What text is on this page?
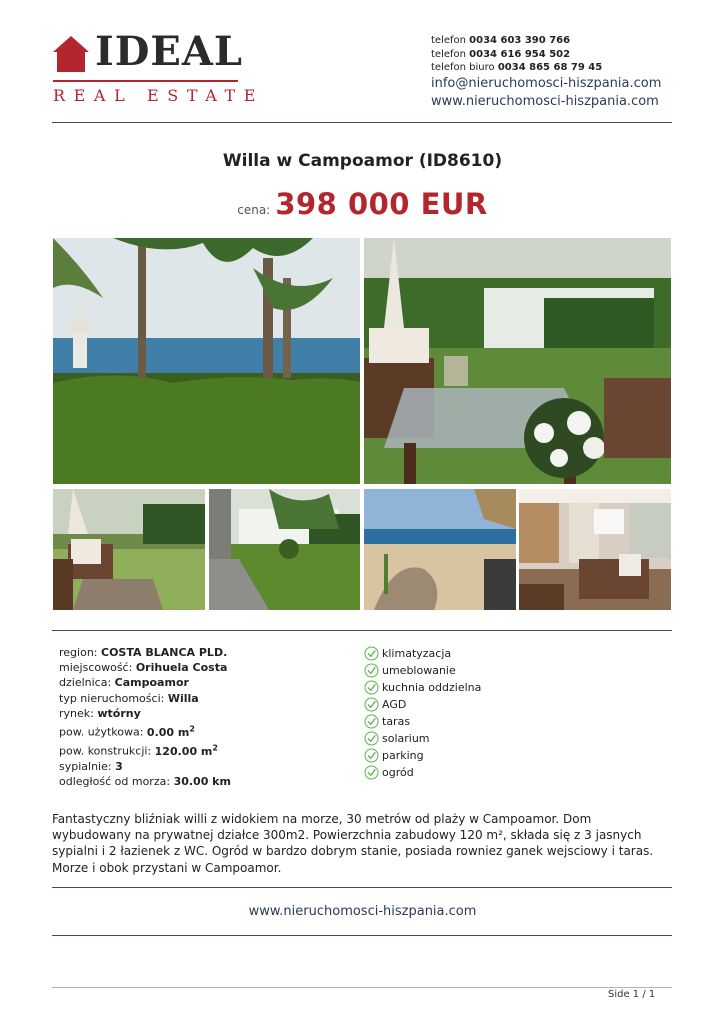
IDEAL
REAL ESTATE
telefon 0034 603 390 766
telefon 0034 616 954 502
telefon biuro 0034 865 68 79 45
info@nieruchomosci-hiszpania.com
www.nieruchomosci-hiszpania.com
Willa w Campoamor (ID8610)
cena: 398 000 EUR
region: COSTA BLANCA PLD.
miejscowość: Orihuela Costa
dzielnica: Campoamor
typ nieruchomości: Willa
rynek: wtórny
pow. użytkowa: 0.00 $m^2$
pow. konstrukcji: 120.00 $m^2$
sypialnie: 3
odległość od morza: 30.00 km
klimatyzacja
umeblowanie
kuchnia oddzielna
AGD
taras
solarium
parking
ogród
Fantastyczny bliźniak willi z widokiem na morze, 30 metrów od plaży w Campoamor. Dom wybudowany na prywatnej działce 300m2. Powierzchnia zabudowy 120 m², składa się z 3 jasnych sypialni i 2 łazienek z WC. Ogród w bardzo dobrym stanie, posiada rowniez ganek wejsciowy i taras. Morze i obok przystani w Campoamor.
www.nieruchomosci-hiszpania.com
Side 1 / 1
